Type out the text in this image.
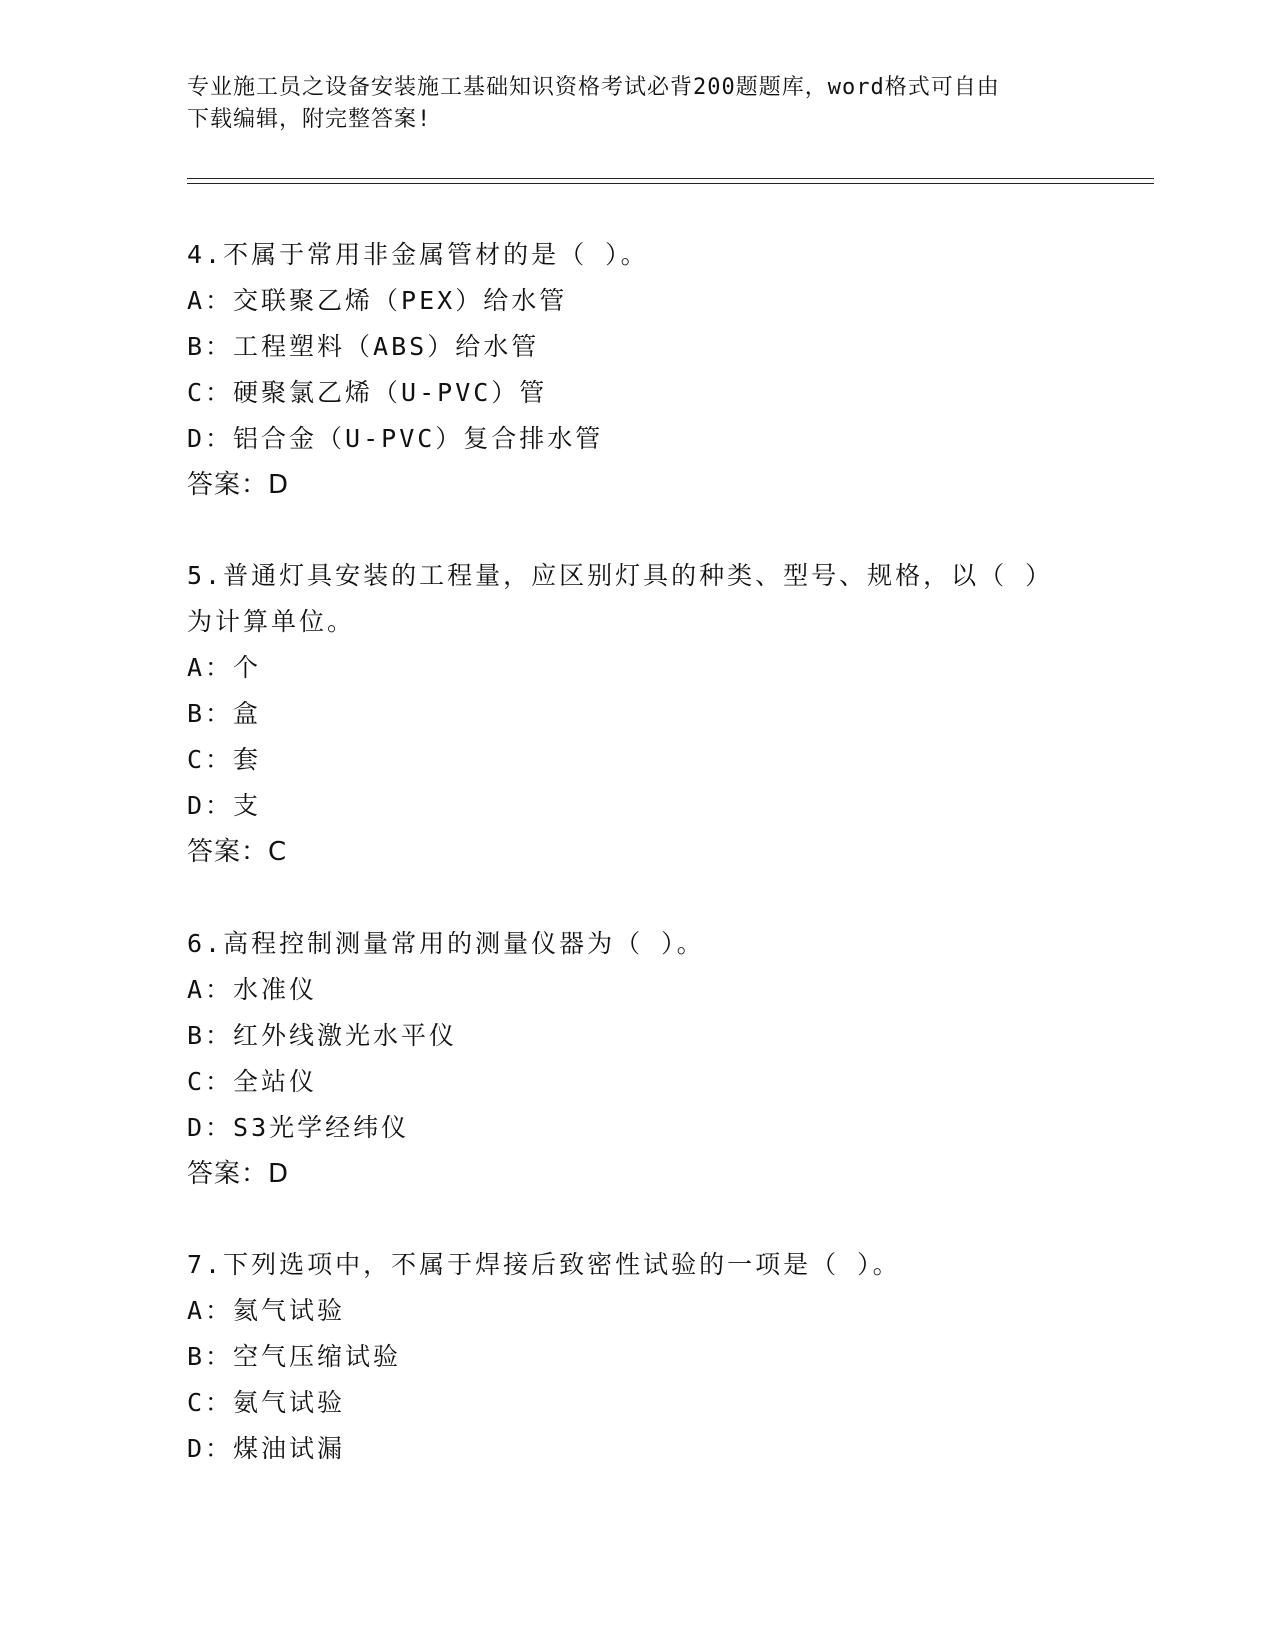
专业施工员之设备安装施工基础知识资格考试必背200题题库，word格式可自由
下载编辑，附完整答案!
4.不属于常用非金属管材的是（ ）。
A：交联聚乙烯（PEX）给水管
B：工程塑料（ABS）给水管
C：硬聚氯乙烯（U-PVC）管
D：铝合金（U-PVC）复合排水管
答案：D
5.普通灯具安装的工程量，应区别灯具的种类、型号、规格，以（ ）
为计算单位。
A：个
B：盒
C：套
D：支
答案：C
6.高程控制测量常用的测量仪器为（ ）。
A：水准仪
B：红外线激光水平仪
C：全站仪
D：S3光学经纬仪
答案：D
7.下列选项中，不属于焊接后致密性试验的一项是（ ）。
A：氦气试验
B：空气压缩试验
C：氨气试验
D：煤油试漏
